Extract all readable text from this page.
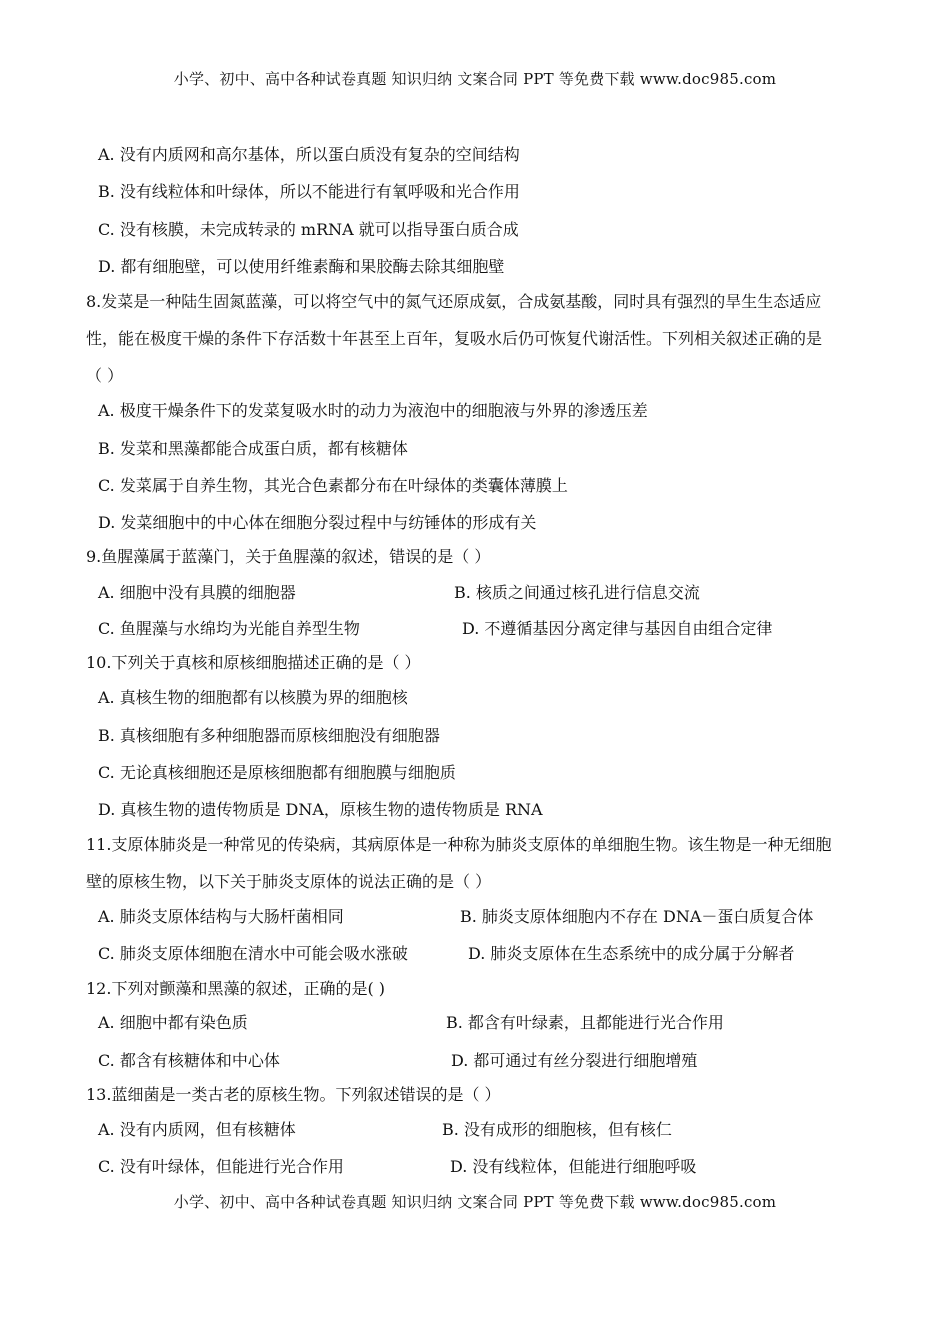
小学、初中、高中各种试卷真题 知识归纳 文案合同 PPT 等免费下载 www.doc985.com
A. 没有内质网和高尔基体，所以蛋白质没有复杂的空间结构
B. 没有线粒体和叶绿体，所以不能进行有氧呼吸和光合作用
C. 没有核膜，未完成转录的 mRNA 就可以指导蛋白质合成
D. 都有细胞壁，可以使用纤维素酶和果胶酶去除其细胞壁
8.发菜是一种陆生固氮蓝藻，可以将空气中的氮气还原成氨，合成氨基酸，同时具有强烈的旱生生态适应
性，能在极度干燥的条件下存活数十年甚至上百年，复吸水后仍可恢复代谢活性。下列相关叙述正确的是
（ ）
A. 极度干燥条件下的发菜复吸水时的动力为液泡中的细胞液与外界的渗透压差
B. 发菜和黑藻都能合成蛋白质，都有核糖体
C. 发菜属于自养生物，其光合色素都分布在叶绿体的类囊体薄膜上
D. 发菜细胞中的中心体在细胞分裂过程中与纺锤体的形成有关
9.鱼腥藻属于蓝藻门，关于鱼腥藻的叙述，错误的是（ ）
A. 细胞中没有具膜的细胞器	B. 核质之间通过核孔进行信息交流
C. 鱼腥藻与水绵均为光能自养型生物	D. 不遵循基因分离定律与基因自由组合定律
10.下列关于真核和原核细胞描述正确的是（ ）
A. 真核生物的细胞都有以核膜为界的细胞核
B. 真核细胞有多种细胞器而原核细胞没有细胞器
C. 无论真核细胞还是原核细胞都有细胞膜与细胞质
D. 真核生物的遗传物质是 DNA，原核生物的遗传物质是 RNA
11.支原体肺炎是一种常见的传染病，其病原体是一种称为肺炎支原体的单细胞生物。该生物是一种无细胞
壁的原核生物，以下关于肺炎支原体的说法正确的是（ ）
A. 肺炎支原体结构与大肠杆菌相同	B. 肺炎支原体细胞内不存在 DNA－蛋白质复合体
C. 肺炎支原体细胞在清水中可能会吸水涨破	D. 肺炎支原体在生态系统中的成分属于分解者
12.下列对颤藻和黑藻的叙述，正确的是( )
A. 细胞中都有染色质	B. 都含有叶绿素，且都能进行光合作用
C. 都含有核糖体和中心体	D. 都可通过有丝分裂进行细胞增殖
13.蓝细菌是一类古老的原核生物。下列叙述错误的是（ ）
A. 没有内质网，但有核糖体	B. 没有成形的细胞核，但有核仁
C. 没有叶绿体，但能进行光合作用	D. 没有线粒体，但能进行细胞呼吸
小学、初中、高中各种试卷真题 知识归纳 文案合同 PPT 等免费下载 www.doc985.com
